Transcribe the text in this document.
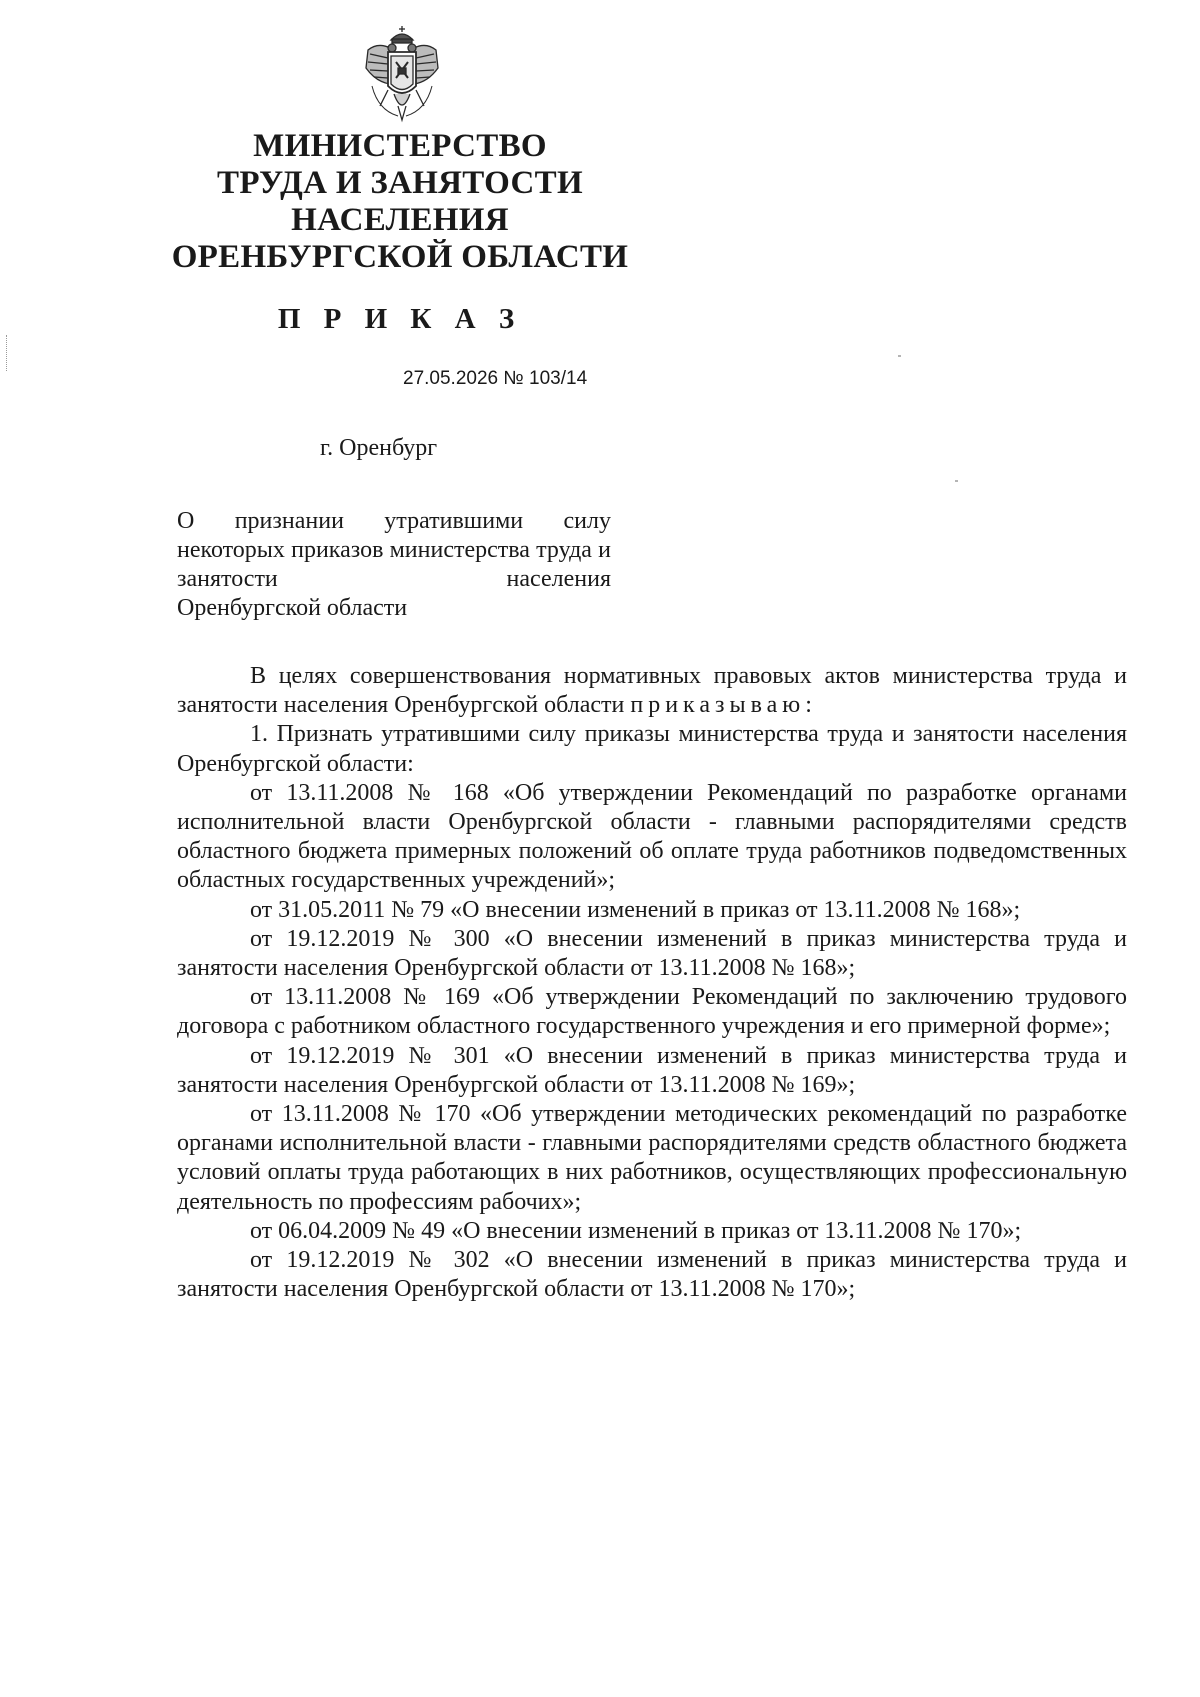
МИНИСТЕРСТВО
ТРУДА И ЗАНЯТОСТИ
НАСЕЛЕНИЯ
ОРЕНБУРГСКОЙ ОБЛАСТИ
П Р И К А З
27.05.2026 № 103/14
г. Оренбург
О признании утратившими силу некоторых приказов министерства труда и занятости населения
Оренбургской области

В целях совершенствования нормативных правовых актов министерства труда и занятости населения Оренбургской области приказываю:

1. Признать утратившими силу приказы министерства труда и занятости населения Оренбургской области:

от 13.11.2008 № 168 «Об утверждении Рекомендаций по разработке органами исполнительной власти Оренбургской области - главными распорядителями средств областного бюджета примерных положений об оплате труда работников подведомственных областных государственных учреждений»;

от 31.05.2011 № 79 «О внесении изменений в приказ от 13.11.2008 № 168»;

от 19.12.2019 № 300 «О внесении изменений в приказ министерства труда и занятости населения Оренбургской области от 13.11.2008 № 168»;

от 13.11.2008 № 169 «Об утверждении Рекомендаций по заключению трудового договора с работником областного государственного учреждения и его примерной форме»;

от 19.12.2019 № 301 «О внесении изменений в приказ министерства труда и занятости населения Оренбургской области от 13.11.2008 № 169»;

от 13.11.2008 № 170 «Об утверждении методических рекомендаций по разработке органами исполнительной власти - главными распорядителями средств областного бюджета условий оплаты труда работающих в них работников, осуществляющих профессиональную деятельность по профессиям рабочих»;

от 06.04.2009 № 49 «О внесении изменений в приказ от 13.11.2008 № 170»;

от 19.12.2019 № 302 «О внесении изменений в приказ министерства труда и занятости населения Оренбургской области от 13.11.2008 № 170»;
